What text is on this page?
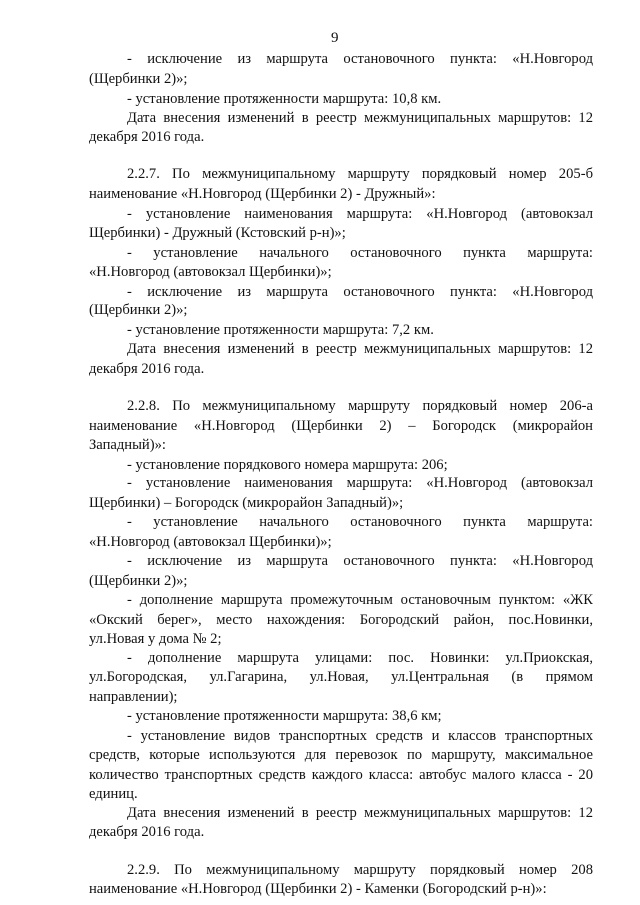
9
- исключение из маршрута остановочного пункта: «Н.Новгород
(Щербинки 2)»;
- установление протяженности маршрута: 10,8 км.
Дата внесения изменений в реестр межмуниципальных маршрутов: 12
декабря 2016 года.
2.2.7. По межмуниципальному маршруту порядковый номер 205-б
наименование «Н.Новгород (Щербинки 2) - Дружный»:
- установление наименования маршрута: «Н.Новгород (автовокзал
Щербинки) - Дружный (Кстовский р-н)»;
- установление начального остановочного пункта маршрута:
«Н.Новгород (автовокзал Щербинки)»;
- исключение из маршрута остановочного пункта: «Н.Новгород
(Щербинки 2)»;
- установление протяженности маршрута: 7,2 км.
Дата внесения изменений в реестр межмуниципальных маршрутов: 12
декабря 2016 года.
2.2.8. По межмуниципальному маршруту порядковый номер 206-а
наименование «Н.Новгород (Щербинки 2) – Богородск (микрорайон
Западный)»:
- установление порядкового номера маршрута: 206;
- установление наименования маршрута: «Н.Новгород (автовокзал
Щербинки) – Богородск (микрорайон Западный)»;
- установление начального остановочного пункта маршрута:
«Н.Новгород (автовокзал Щербинки)»;
- исключение из маршрута остановочного пункта: «Н.Новгород
(Щербинки 2)»;
- дополнение маршрута промежуточным остановочным пунктом: «ЖК
«Окский берег», место нахождения: Богородский район, пос.Новинки,
ул.Новая у дома № 2;
- дополнение маршрута улицами: пос. Новинки: ул.Приокская,
ул.Богородская, ул.Гагарина, ул.Новая, ул.Центральная (в прямом
направлении);
- установление протяженности маршрута: 38,6 км;
- установление видов транспортных средств и классов транспортных
средств, которые используются для перевозок по маршруту, максимальное
количество транспортных средств каждого класса: автобус малого класса - 20
единиц.
Дата внесения изменений в реестр межмуниципальных маршрутов: 12
декабря 2016 года.
2.2.9. По межмуниципальному маршруту порядковый номер 208
наименование «Н.Новгород (Щербинки 2) - Каменки (Богородский р-н)»:
